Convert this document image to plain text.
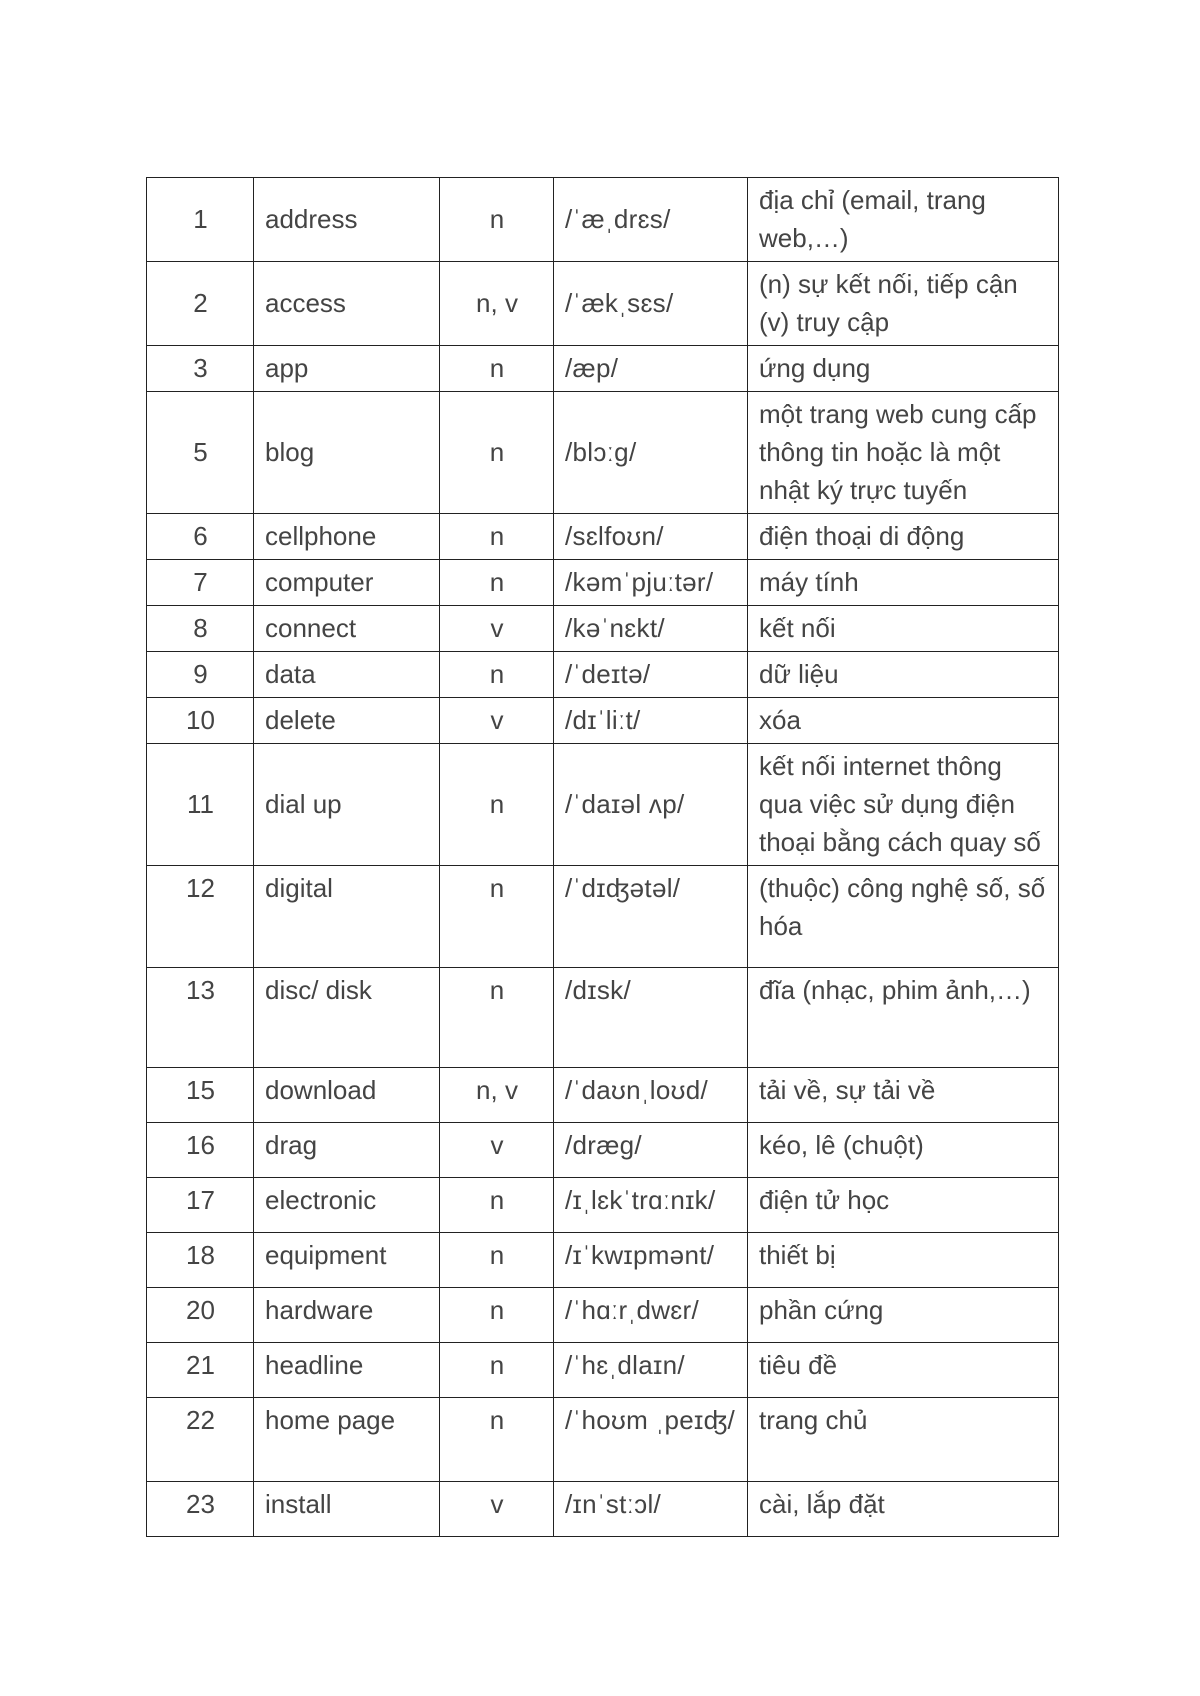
1	address	n	/ˈæˌdrɛs/	địa chỉ (email, trang web,…)
2	access	n, v	/ˈækˌsɛs/	(n) sự kết nối, tiếp cận (v) truy cập
3	app	n	/æp/	ứng dụng
5	blog	n	/blɔːɡ/	một trang web cung cấp thông tin hoặc là một nhật ký trực tuyến
6	cellphone	n	/sɛlfoʊn/	điện thoại di động
7	computer	n	/kəmˈpjuːtər/	máy tính
8	connect	v	/kəˈnɛkt/	kết nối
9	data	n	/ˈdeɪtə/	dữ liệu
10	delete	v	/dɪˈliːt/	xóa
11	dial up	n	/ˈdaɪəl ʌp/	kết nối internet thông qua việc sử dụng điện thoại bằng cách quay số
12	digital	n	/ˈdɪʤətəl/	(thuộc) công nghệ số, số hóa
13	disc/ disk	n	/dɪsk/	đĩa (nhạc, phim ảnh,…)
15	download	n, v	/ˈdaʊnˌloʊd/	tải về, sự tải về
16	drag	v	/dræɡ/	kéo, lê (chuột)
17	electronic	n	/ɪˌlɛkˈtrɑːnɪk/	điện tử học
18	equipment	n	/ɪˈkwɪpmənt/	thiết bị
20	hardware	n	/ˈhɑːrˌdwɛr/	phần cứng
21	headline	n	/ˈhɛˌdlaɪn/	tiêu đề
22	home page	n	/ˈhoʊm ˌpeɪʤ/	trang chủ
23	install	v	/ɪnˈstːɔl/	cài, lắp đặt
